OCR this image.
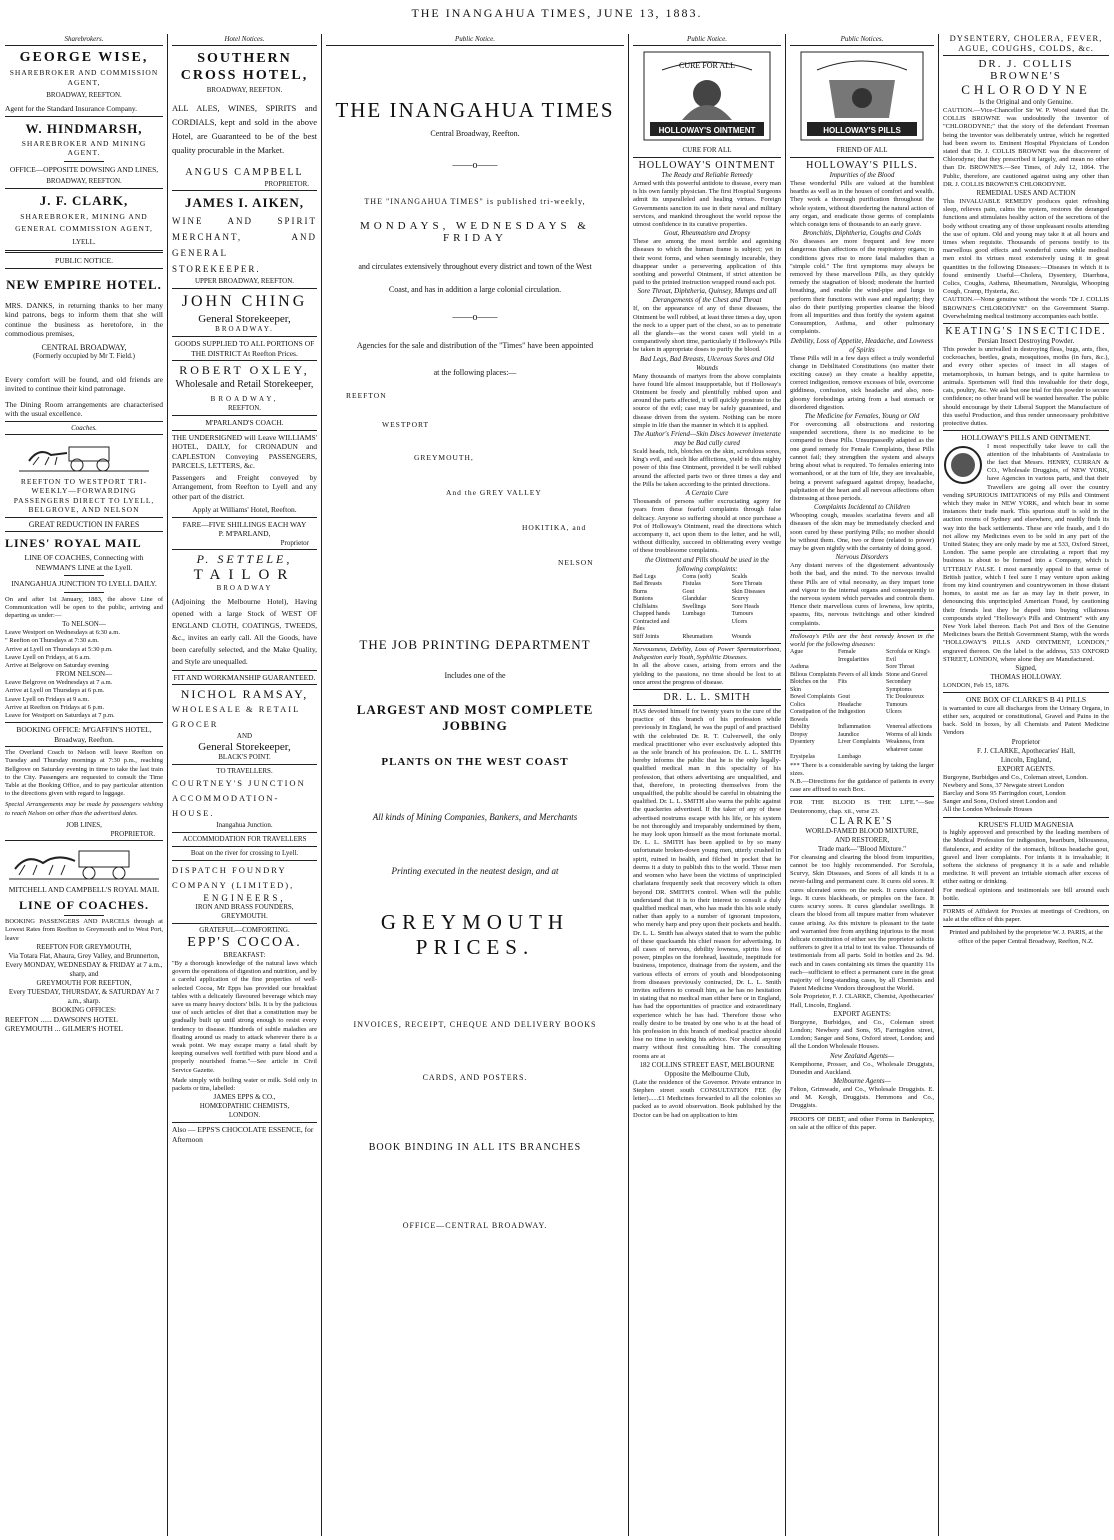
THE INANGAHUA TIMES, JUNE 13, 1883.
Sharebrokers.
GEORGE WISE,
SHAREBROKER AND COMMISSION AGENT,
BROADWAY, REEFTON.
Agent for the Standard Insurance Company.
W. HINDMARSH,
SHAREBROKER AND MINING AGENT.
OFFICE—OPPOSITE DOWSING AND LINES,
BROADWAY, REEFTON.
J. F. CLARK,
SHAREBROKER, MINING AND GENERAL COMMISSION AGENT,
LYELL.
PUBLIC NOTICE.
NEW EMPIRE HOTEL.
MRS. DANKS, in returning thanks to her many kind patrons, begs to inform them that she will continue the business as heretofore, in the commodious premises,
CENTRAL BROADWAY,
(Formerly occupied by Mr T. Field.)
Every comfort will be found, and old friends are invited to continue their kind patronage.
The Dining Room arrangements are characterised with the usual excellence.
Coaches.
REEFTON TO WESTPORT TRI-WEEKLY—FORWARDING PASSENGERS DIRECT TO LYELL, BELGROVE, AND NELSON
GREAT REDUCTION IN FARES
LINES' ROYAL MAIL
LINE OF COACHES, Connecting with NEWMAN'S LINE at the Lyell.
INANGAHUA JUNCTION TO LYELL DAILY.
On and after 1st January, 1883, the above Line of Communication will be open to the public, arriving and departing as under:—
To NELSON—
Leave Westport on Wednesdays at 6:30 a.m.
" Reefton on Thursdays at 7:30 a.m.
Arrive at Lyell on Thursdays at 5:30 p.m.
Leave Lyell on Fridays, at 6 a.m.
Arrive at Belgrove on Saturday evening
FROM NELSON—
Leave Belgrove on Wednesdays at 7 a.m.
Arrive at Lyell on Thursdays at 6 p.m.
Leave Lyell on Fridays at 9 a.m.
Arrive at Reefton on Fridays at 6 p.m.
Leave for Westport on Saturdays at 7 p.m.
BOOKING OFFICE: M'GAFFIN'S HOTEL, Broadway, Reefton.
The Overland Coach to Nelson will leave Reefton on Tuesday and Thursday mornings at 7:30 p.m., reaching Bellgrove on Saturday evening in time to take the last train to the City. Passengers are requested to consult the Time Table at the Booking Office, and to pay particular attention to the directions given with regard to luggage.
Special Arrangements may be made by passengers wishing to reach Nelson on other than the advertised dates.
JOB LINES,
PROPRIETOR.
MITCHELL AND CAMPBELL'S ROYAL MAIL
LINE OF COACHES.
BOOKING PASSENGERS AND PARCELS through at Lowest Rates from Reefton to Greymouth and to West Port, leave
REEFTON FOR GREYMOUTH,
Via Totara Flat, Ahaura, Grey Valley, and Brunnerton,
Every MONDAY, WEDNESDAY & FRIDAY at 7 a.m., sharp, and
GREYMOUTH FOR REEFTON,
Every TUESDAY, THURSDAY, & SATURDAY At 7 a.m., sharp.
BOOKING OFFICES:
REEFTON ...... DAWSON'S HOTEL
GREYMOUTH ... GILMER'S HOTEL
Hotel Notices.
SOUTHERN CROSS HOTEL,
BROADWAY, REEFTON.
ALL ALES, WINES, SPIRITS and CORDIALS, kept and sold in the above Hotel, are Guaranteed to be of the best quality procurable in the Market.
ANGUS CAMPBELL
PROPRIETOR.
JAMES I. AIKEN,
WINE AND SPIRIT MERCHANT, AND GENERAL STOREKEEPER.
UPPER BROADWAY, REEFTON.
JOHN CHING
General Storekeeper,
BROADWAY.
GOODS SUPPLIED TO ALL PORTIONS OF THE DISTRICT At Reefton Prices.
ROBERT OXLEY,
Wholesale and Retail Storekeeper,
BROADWAY,
REEFTON.
M'PARLAND'S COACH.
THE UNDERSIGNED will Leave WILLIAMS' HOTEL, DAILY, for CRONADUN and CAPLESTON Conveying PASSENGERS, PARCELS, LETTERS, &c.
Passengers and Freight conveyed by Arrangement, from Reefton to Lyell and any other part of the district.
Apply at Williams' Hotel, Reefton.
FARE—FIVE SHILLINGS EACH WAY
P. M'PARLAND,
Proprietor
P. SETTELE,
TAILOR
BROADWAY
(Adjoining the Melbourne Hotel), Having opened with a large Stock of WEST OF ENGLAND CLOTH, COATINGS, TWEEDS, &c., invites an early call. All the Goods, have been carefully selected, and the Make Quality, and Style are unequalled.
FIT AND WORKMANSHIP GUARANTEED.
NICHOL RAMSAY,
WHOLESALE & RETAIL GROCER
AND
General Storekeeper,
BLACK'S POINT.
TO TRAVELLERS.
COURTNEY'S JUNCTION ACCOMMODATION-HOUSE.
Inangahua Junction.
ACCOMMODATION FOR TRAVELLERS
Boat on the river for crossing to Lyell.
DISPATCH FOUNDRY COMPANY (LIMITED),
ENGINEERS,
IRON AND BRASS FOUNDERS,
GREYMOUTH.
GRATEFUL—COMFORTING.
EPP'S COCOA.
BREAKFAST:
"By a thorough knowledge of the natural laws which govern the operations of digestion and nutrition, and by a careful application of the fine properties of well-selected Cocoa, Mr Epps has provided our breakfast tables with a delicately flavoured beverage which may save us many heavy doctors' bills. It is by the judicious use of such articles of diet that a constitution may be gradually built up until strong enough to resist every tendency to disease. Hundreds of subtle maladies are floating around us ready to attack wherever there is a weak point. We may escape many a fatal shaft by keeping ourselves well fortified with pure blood and a properly nourished frame."—See article in Civil Service Gazette.
Made simply with boiling water or milk. Sold only in packets or tins, labelled:
JAMES EPPS & CO.,
HOMŒOPATHIC CHEMISTS,
LONDON.
Also — EPPS'S CHOCOLATE ESSENCE, for Afternoon
Public Notice.
THE INANGAHUA TIMES
Central Broadway, Reefton.
——o——
THE "INANGAHUA TIMES" is published tri-weekly,
MONDAYS, WEDNESDAYS & FRIDAY
and circulates extensively throughout every district and town of the West
Coast, and has in addition a large colonial circulation.
——o——
Agencies for the sale and distribution of the "Times" have been appointed
at the following places:—
REEFTON
WESTPORT
GREYMOUTH,
And the GREY VALLEY
HOKITIKA, and
NELSON
THE JOB PRINTING DEPARTMENT
Includes one of the
LARGEST AND MOST COMPLETE JOBBING
PLANTS ON THE WEST COAST
All kinds of Mining Companies, Bankers, and Merchants
Printing executed in the neatest design, and at
GREYMOUTH PRICES.
INVOICES, RECEIPT, CHEQUE AND DELIVERY BOOKS
CARDS, AND POSTERS.
BOOK BINDING IN ALL ITS BRANCHES
OFFICE—CENTRAL BROADWAY.
Public Notice.
CURE FOR ALL
HOLLOWAY'S OINTMENT
CURE FOR ALL
HOLLOWAY'S OINTMENT
The Ready and Reliable Remedy
Armed with this powerful antidote to disease, every man is his own family physician. The first Hospital Surgeons admit its unparalleled and healing virtues. Foreign Governments sanction its use in their naval and military services, and mankind throughout the world repose the utmost confidence in its curative properties.
Gout, Rheumatism and Dropsy
These are among the most terrible and agonising diseases to which the human frame is subject; yet in their worst forms, and when seemingly incurable, they disappear under a persevering application of this soothing and powerful Ointment, if strict attention be paid to the printed instruction wrapped round each pot.
Sore Throat, Diphtheria, Quinsey, Mumps and all Derangements of the Chest and Throat
If, on the appearance of any of these diseases, the Ointment be well rubbed, at least three times a day, upon the neck to a upper part of the chest, so as to penetrate all the glands—as the worst cases will yield in a comparatively short time, particularly if Holloway's Pills be taken in appropriate doses to purify the blood.
Bad Legs, Bad Breasts, Ulcerous Sores and Old Wounds
Many thousands of martyrs from the above complaints have found life almost insupportable, but if Holloway's Ointment be freely and plentifully rubbed upon and around the parts affected, it will quickly prostrate to the source of the evil; case may be safely guaranteed, and disease driven from the system. Nothing can be more simple in life than the manner in which it is applied.
The Author's Friend—Skin Discs however inveterate may be Bad cully cured
Scald heads, itch, blotches on the skin, scrofulous sores, king's evil, and such like afflictions, yield to this mighty power of this fine Ointment, provided it be well rubbed around the affected parts two or three times a day and the Pills be taken according to the printed directions.
A Certain Cure
Thousands of persons suffer excruciating agony for years from these fearful complaints through false delicacy. Anyone so suffering should at once purchase a Pot of Holloway's Ointment, read the directions which accompany it, act upon them to the letter, and he will, without difficulty, succeed in obliterating every vestige of these troublesome complaints.
the Ointment and Pills should be used in the following complaints:
Bad Legs	Coms (soft)	Scalds
Bad Breasts	Fistulas	Sore Throats
Burns	Gout	Skin Diseases
Bunions	Glandular	Scurvy
Chilblains	Swellings	Sore Heads
Chapped hands	Lumbago	Tumours
Contracted and Piles
Ulcers
Stiff Joints	Rheumatism	Wounds
Nervousness, Debility, Loss of Power Spermatorrhoea, Indigestion early Youth, Syphilitic Diseases.
In all the above cases, arising from errors and the yielding to the passions, no time should be lost to at once arrest the progress of disease.
DR. L. L. SMITH
HAS devoted himself for twenty years to the cure of the practice of this branch of his profession while previously in England, he was the pupil of and practised with the celebrated Dr. R. T. Culverwell, the only medical practitioner who ever exclusively adopted this as the sole branch of his profession. Dr. L. L. SMITH hereby informs the public that he is the only legally-qualified medical man in this speciality of his profession, that others advertising are unqualified, and that, therefore, in protecting themselves from the unqualified, the public should be careful in obtaining the qualified. Dr. L. L. SMITH also warns the public against the quackeries advertised. If the taker of any of these advertised nostrums escape with his life, or his system be not thoroughly and irreparably undermined by them, he may look upon himself as the most fortunate mortal. Dr. L. L. SMITH has been applied to by so many unfortunate broken-down young men, utterly crushed in spirit, ruined in health, and filched in pocket that he deems it a duty to publish this to the world. Those men and women who have been the victims of unprincipled charlatans frequently seek that recovery which is often beyond DR. SMITH'S control. When will the public understand that it is to their interest to consult a duly qualified medical man, who has made this his sole study rather than apply to a number of ignorant impostors, who merely harp and prey upon their pockets and health. Dr. L. L. Smith has always stated that to warn the public of these quacksands his chief reason for advertising. In all cases of nervous, debility lowness, spirits loss of power, pimples on the forehead, lassitude, ineptitude for business, impotence, drainage from the system, and the various effects of errors of youth and bloodpoisoning from diseases previously contracted, Dr. L. L. Smith invites sufferers to consult him, as he has no hesitation in stating that no medical man either here or in England, has had the opportunities of practice and extraordinary experience which he has had. Therefore those who really desire to be treated by one who is at the head of his profession in this branch of medical practice should lose no time in seeking his advice. Nor should anyone marry without first consulting him. The consulting rooms are at
182 COLLINS STREET EAST, MELBOURNE Opposite the Melbourne Club,
(Late the residence of the Governor. Private entrance in Stephen street south CONSULTATION FEE (by letter)......£1 Medicines forwarded to all the colonies so packed as to avoid observation. Book published by the Doctor can be had on application to him
Public Notices.
HOLLOWAY'S PILLS
FRIEND OF ALL
HOLLOWAY'S PILLS.
Impurities of the Blood
These wonderful Pills are valued at the humblest hearths as well as in the houses of comfort and wealth. They work a thorough purification throughout the whole system, without disordering the natural action of any organ, and eradicate those germs of complaints which consign tens of thousands to an early grave.
Bronchitis, Diphtheria, Coughs and Colds
No diseases are more frequent and few more dangerous than affections of the respiratory organs; in conditions gives rise to more fatal maladies than a "simple cold." The first symptoms may always be removed by these marvellous Pills, as they quickly remedy the stagnation of blood; moderate the hurried breathing, and enable the wind-pipe and lungs to perform their functions with ease and regularity; they also do their purifying properties cleanse the blood from all impurities and thus fortify the system against Consumption, Asthma, and other pulmonary complaints.
Debility, Loss of Appetite, Headache, and Lowness of Spirits
These Pills will in a few days effect a truly wonderful change in Debilitated Constitutions (no matter their exciting cause) as they create a healthy appetite, correct indigestion, remove excesses of bile, overcome giddiness, confusion, sick headache and also, non-gloomy forebodings arising from a bad stomach or disordered digestion.
The Medicine for Females, Young or Old
For overcoming all obstructions and restoring suspended secretions, there is no medicine to be compared to these Pills. Unsurpassedly adapted as the one grand remedy for Female Complaints, these Pills cannot fail; they strengthen the system and always bring about what is required. To females entering into womanhood, or at the turn of life, they are invaluable, being a prevent safeguard against dropsy, headache, palpitation of the heart and all nervous affections often distressing at those periods.
Complaints Incidental to Children
Whooping cough, measles scarlatina fevers and all diseases of the skin may be immediately checked and soon cured by these purifying Pills; no mother should be without them. One, two or three (related to power) may be given nightly with the certainty of doing good.
Nervous Disorders
Any distant nerves of the digestement advantously both the bad, and the mind. To the nervous invalid these Pills are of vital necessity, as they impart tone and vigour to the internal organs and consequently to the nervous system which pervades and controls them. Hence their marvellous cures of lowness, low spirits, spasms, fits, nervous twitchings and other kindred complaints.
Holloway's Pills are the best remedy known in the world for the following diseases:
Ague	Female Irregularities
Scrofula or King's Evil
Asthma	Sore Throat
Bilious Complaints Fevers of all kinds Stone and Gravel
Blotches on the Skin
Fits	Secondary Symptoms
Bowel Complaints Gout	Tic Douloureux
Colics	Headache	Tumours
Constipation of the Bowels
Indigestion	Ulcers
Debility	Inflammation	Venereal affections
Dropsy	Jaundice	Worms of all kinds
Dysentery	Liver Complaints Weakness, from whatever cause
Erysipelas	Lumbago
*** There is a considerable saving by taking the larger sizes.
N.B.—Directions for the guidance of patients in every case are affixed to each Box.
FOR THE BLOOD IS THE LIFE."—See Deuteronomy, chap. xii., verse 23.
CLARKE'S
WORLD-FAMED BLOOD MIXTURE,
AND RESTORER,
Trade mark—"Blood Mixture."
For cleansing and clearing the blood from impurities, cannot be too highly recommended. For Scrofula, Scurvy, Skin Diseases, and Sores of all kinds it is a never-failing and permanent cure. It cures old sores. It cures ulcerated sores on the neck. It cures ulcerated legs. It cures blackheads, or pimples on the face. It cures scurvy sores. It cures glandular swellings. It clears the blood from all impure matter from whatever cause arising. As this mixture is pleasant to the taste and warranted free from anything injurious to the most delicate constitution of either sex the proprietor solicits sufferers to give it a trial to test its value. Thousands of testimonials from all parts. Sold in bottles and 2s. 9d. each and in cases containing six times the quantity 11s each—sufficient to effect a permanent cure in the great majority of long-standing cases, by all Chemists and Patent Medicine Vendors throughout the World.
Sole Proprietor, F. J. CLARKE, Chemist, Apothecaries' Hall, Lincoln, England.
EXPORT AGENTS:
Burgoyne, Burbidges, and Co., Coleman street London; Newbery and Sons, 95, Farringdon street, London; Sanger and Sons, Oxford street, London; and all the London Wholesale Houses.
New Zealand Agents—
Kempthorne, Prosser, and Co., Wholesale Druggists, Dunedin and Auckland.
Melbourne Agents—
Felton, Grimwade, and Co., Wholesale Druggists. E. and M. Keogh, Druggists. Hemmons and Co., Druggists.
PROOFS OF DEBT, and other Forms in Bankruptcy, on sale at the office of this paper.
DYSENTERY, CHOLERA, FEVER, AGUE, COUGHS, COLDS, &c.
DR. J. COLLIS BROWNE'S
CHLORODYNE
Is the Original and only Genuine.
CAUTION.—Vice-Chancellor Sir W. P. Wood stated that Dr. COLLIS BROWNE was undoubtedly the inventor of "CHLORODYNE;" that the story of the defendant Freeman being the inventor was deliberately untrue, which he regretted had been sworn to. Eminent Hospital Physicians of London stated that Dr. J. COLLIS BROWNE was the discoverer of Chlorodyne; that they prescribed it largely, and mean no other than Dr. BROWNE'S.—See Times, of July 12, 1864. The Public, therefore, are cautioned against using any other than DR. J. COLLIS BROWNE'S CHLORODYNE.
REMEDIAL USES AND ACTION
This INVALUABLE REMEDY produces quiet refreshing sleep, relieves pain, calms the system, restores the deranged functions and stimulates healthy action of the secretions of the body without creating any of those unpleasant results attending the use of opium. Old and young may take it at all hours and times when requisite. Thousands of persons testify to its marvellous good effects and wonderful cures while medical men extol its virtues most extensively using it in great quantities in the following Diseases:—Diseases in which it is found eminently Useful—Cholera, Dysentery, Diarrhœa, Colics, Coughs, Asthma, Rheumatism, Neuralgia, Whooping Cough, Cramp, Hysteria, &c.
CAUTION.—None genuine without the words "Dr J. COLLIS BROWNE'S CHLORODYNE" on the Government Stamp. Overwhelming medical testimony accompanies each bottle.
KEATING'S INSECTICIDE.
Persian Insect Destroying Powder.
This powder is unrivalled in destroying fleas, bugs, ants, flies, cockroaches, beetles, gnats, mosquitoes, moths (in furs, &c.), and every other species of insect in all stages of metamorphosis, in human beings, and is quite harmless to animals. Sportsmen will find this invaluable for their dogs, cats, poultry, &c. We ask but one trial for this powder to secure confidence; no other brand will be wanted hereafter. The public should encourage by their Liberal Support the Manufacture of this useful Production, and thus render unnecessary prohibitive protective duties.
HOLLOWAY'S PILLS AND OINTMENT.
I most respectfully take leave to call the attention of the inhabitants of Australasia to the fact that Messrs. HENRY, CURRAN & CO., Wholesale Druggists, of NEW YORK, have Agencies in various parts, and that their Travellers are going all over the country vending SPURIOUS IMITATIONS of my Pills and Ointment which they make in NEW YORK, and which bear in some instances their trade mark. This spurious stuff is sold in the auction rooms of Sydney and elsewhere, and readily finds its way into the back settlements. These are vile frauds, and I do not allow my Medicines even to be sold in any part of the United States; they are only made by me at 533, Oxford Street, London. The same people are circulating a report that my business is about to be formed into a Company, which is UTTERLY FALSE. I most earnestly appeal to that sense of British justice, which I feel sure I may venture upon asking from my kind countrymen and countrywomen in those distant homes, to assist me as far as may lay in their power, in denouncing this unprincipled American Fraud, by cautioning their friends lest they be duped into buying villainous compounds styled "Holloway's Pills and Ointment" with any New York label thereon. Each Pot and Box of the Genuine Medicines bears the British Government Stamp, with the words "HOLLOWAY'S PILLS AND OINTMENT, LONDON," engraved thereon. On the label is the address, 533 OXFORD STREET, LONDON, where alone they are Manufactured.
Signed,
THOMAS HOLLOWAY.
LONDON, Feb 15, 1876.
ONE BOX OF CLARKE'S B 41 PILLS
is warranted to cure all discharges from the Urinary Organs, in either sex, acquired or constitutional, Gravel and Pains in the back. Sold in boxes, by all Chemists and Patent Medicine Vendors
Proprietor
F. J. CLARKE, Apothecaries' Hall,
Lincoln, England,
EXPORT AGENTS.
Burgoyne, Burbidges and Co., Coleman street, London.
Newbery and Sons, 37 Newgate street London
Barclay and Sons 95 Farringdon court, London
Sanger and Sons, Oxford street London and
All the London Wholesale Houses
KRUSE'S FLUID MAGNESIA
is highly approved and prescribed by the leading members of the Medical Profession for indigestion, heartburn, biliousness, flatulence, and acidity of the stomach, bilious headache gout, gravel and liver complaints. For infants it is invaluable; it softens the sickness of pregnancy it is a safe and reliable medicine. It will prevent an irritable stomach after excess of either eating or drinking.
For medical opinions and testimonials see bill around each bottle.
FORMS of Affidavit for Proxies at meetings of Creditors, on sale at the office of this paper.
Printed and published by the proprietor W. J. PARIS, at the office of the paper Central Broadway, Reefton, N.Z.
